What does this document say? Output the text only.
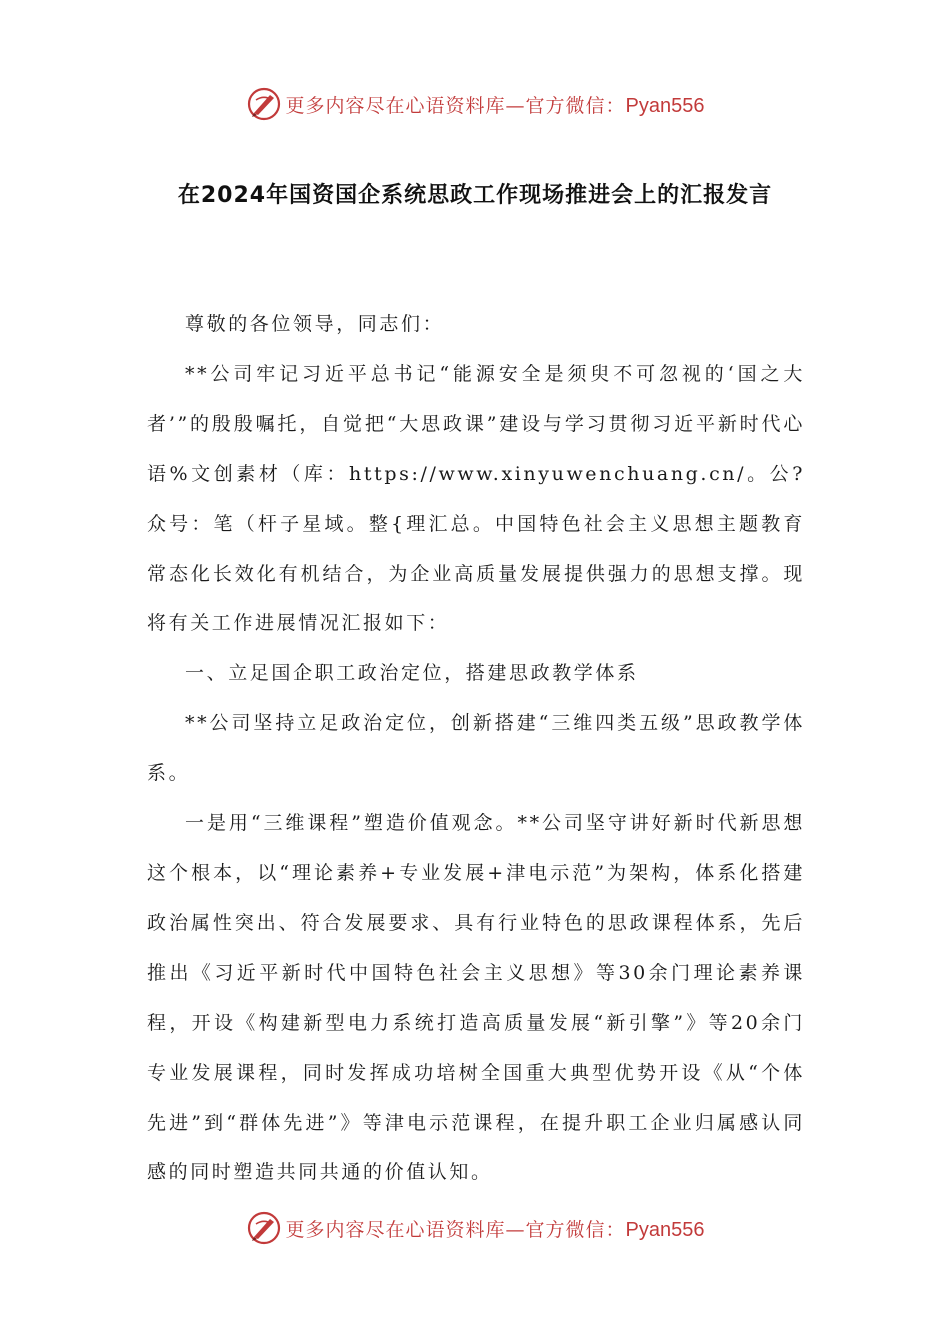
更多内容尽在心语资料库—官方微信：Pyan556
在2024年国资国企系统思政工作现场推进会上的汇报发言

尊敬的各位领导，同志们：

**公司牢记习近平总书记“能源安全是须臾不可忽视的‘国之大者’”的殷殷嘱托，自觉把“大思政课”建设与学习贯彻习近平新时代心语%文创素材（库：https://www.xinyuwenchuang.cn/。公?众号：笔（杆子星域。整{理汇总。中国特色社会主义思想主题教育常态化长效化有机结合，为企业高质量发展提供强力的思想支撑。现将有关工作进展情况汇报如下：

一、立足国企职工政治定位，搭建思政教学体系

**公司坚持立足政治定位，创新搭建“三维四类五级”思政教学体系。

一是用“三维课程”塑造价值观念。**公司坚守讲好新时代新思想这个根本，以“理论素养+专业发展+津电示范”为架构，体系化搭建政治属性突出、符合发展要求、具有行业特色的思政课程体系，先后推出《习近平新时代中国特色社会主义思想》等30余门理论素养课程，开设《构建新型电力系统打造高质量发展“新引擎”》等20余门专业发展课程，同时发挥成功培树全国重大典型优势开设《从“个体先进”到“群体先进”》等津电示范课程，在提升职工企业归属感认同感的同时塑造共同共通的价值认知。

更多内容尽在心语资料库—官方微信：Pyan556
